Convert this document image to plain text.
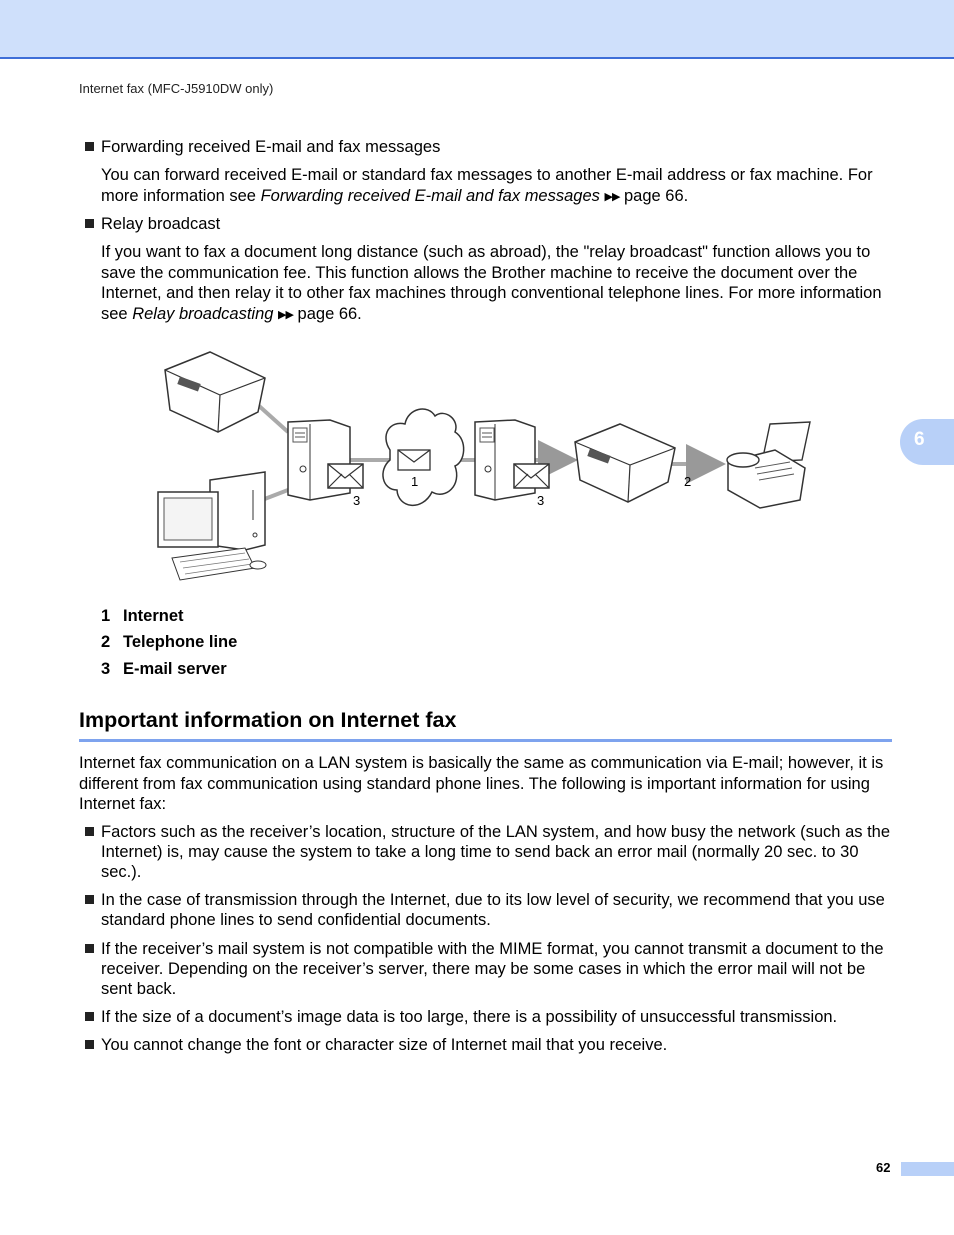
Internet fax (MFC-J5910DW only)
6
Forwarding received E-mail and fax messages
You can forward received E-mail or standard fax messages to another E-mail address or fax machine. For more information see Forwarding received E-mail and fax messages ▶▶ page 66.
Relay broadcast
If you want to fax a document long distance (such as abroad), the "relay broadcast" function allows you to save the communication fee. This function allows the Brother machine to receive the document over the Internet, and then relay it to other fax machines through conventional telephone lines. For more information see Relay broadcasting ▶▶ page 66.
3
1
3
2
1 Internet
2 Telephone line
3 E-mail server
Important information on Internet fax
Internet fax communication on a LAN system is basically the same as communication via E-mail; however, it is different from fax communication using standard phone lines. The following is important information for using Internet fax:
Factors such as the receiver’s location, structure of the LAN system, and how busy the network (such as the Internet) is, may cause the system to take a long time to send back an error mail (normally 20 sec. to 30 sec.).
In the case of transmission through the Internet, due to its low level of security, we recommend that you use standard phone lines to send confidential documents.
If the receiver’s mail system is not compatible with the MIME format, you cannot transmit a document to the receiver. Depending on the receiver’s server, there may be some cases in which the error mail will not be sent back.
If the size of a document’s image data is too large, there is a possibility of unsuccessful transmission.
You cannot change the font or character size of Internet mail that you receive.
62
